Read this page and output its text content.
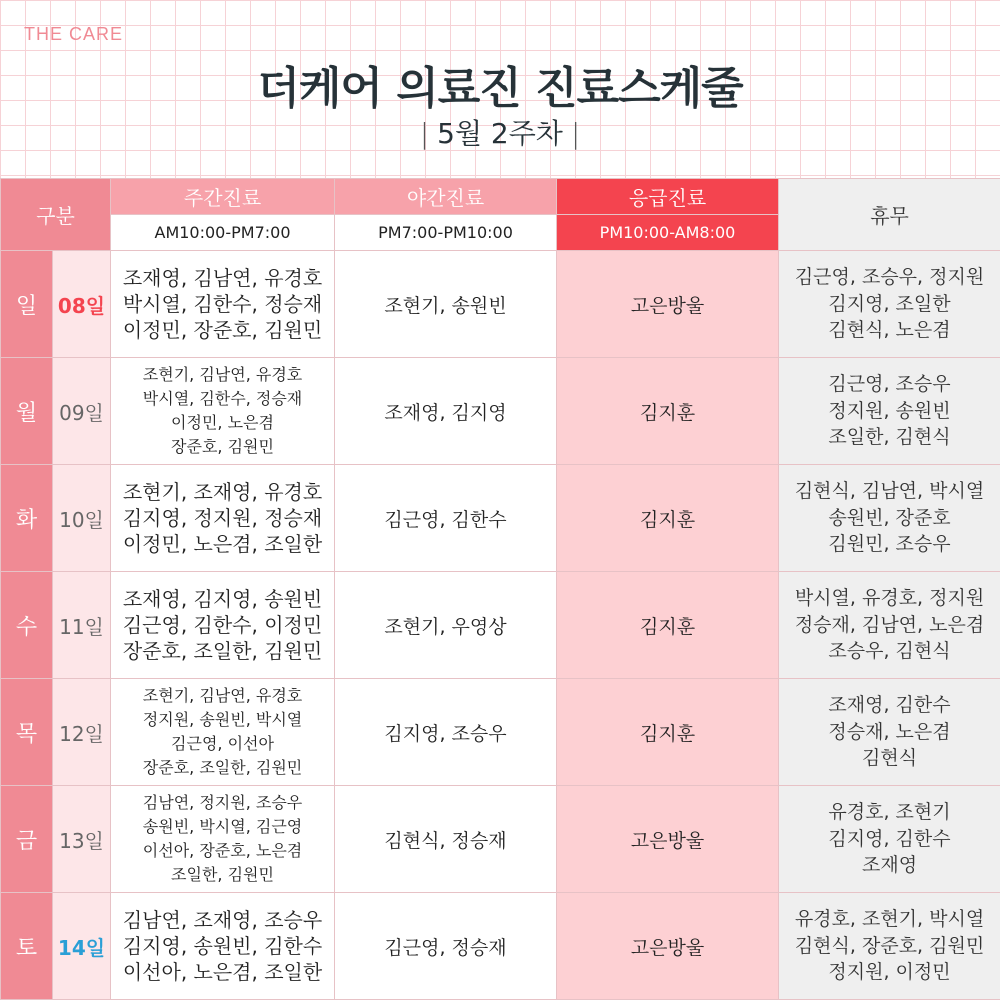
THE CARE
더케어 의료진 진료스케줄
| 5월 2주차 |
구분		주간진료	야간진료	응급진료	휴무
		AM10:00-PM7:00	PM7:00-PM10:00	PM10:00-AM8:00	
일	08일	조재영, 김남연, 유경호
박시열, 김한수, 정승재
이정민, 장준호, 김원민	조현기, 송원빈	고은방울	김근영, 조승우, 정지원
김지영, 조일한
김현식, 노은겸

월	09일	조현기, 김남연, 유경호
박시열, 김한수, 정승재
이정민, 노은겸
장준호, 김원민	조재영, 김지영	김지훈	김근영, 조승우
정지원, 송원빈
조일한, 김현식

화	10일	조현기, 조재영, 유경호
김지영, 정지원, 정승재
이정민, 노은겸, 조일한	김근영, 김한수	김지훈	김현식, 김남연, 박시열
송원빈, 장준호
김원민, 조승우

수	11일	조재영, 김지영, 송원빈
김근영, 김한수, 이정민
장준호, 조일한, 김원민	조현기, 우영상	김지훈	박시열, 유경호, 정지원
정승재, 김남연, 노은겸
조승우, 김현식

목	12일	조현기, 김남연, 유경호
정지원, 송원빈, 박시열
김근영, 이선아
장준호, 조일한, 김원민	김지영, 조승우	김지훈	조재영, 김한수
정승재, 노은겸
김현식

금	13일	김남연, 정지원, 조승우
송원빈, 박시열, 김근영
이선아, 장준호, 노은겸
조일한, 김원민	김현식, 정승재	고은방울	유경호, 조현기
김지영, 김한수
조재영

토	14일	김남연, 조재영, 조승우
김지영, 송원빈, 김한수
이선아, 노은겸, 조일한	김근영, 정승재	고은방울	유경호, 조현기, 박시열
김현식, 장준호, 김원민
정지원, 이정민
